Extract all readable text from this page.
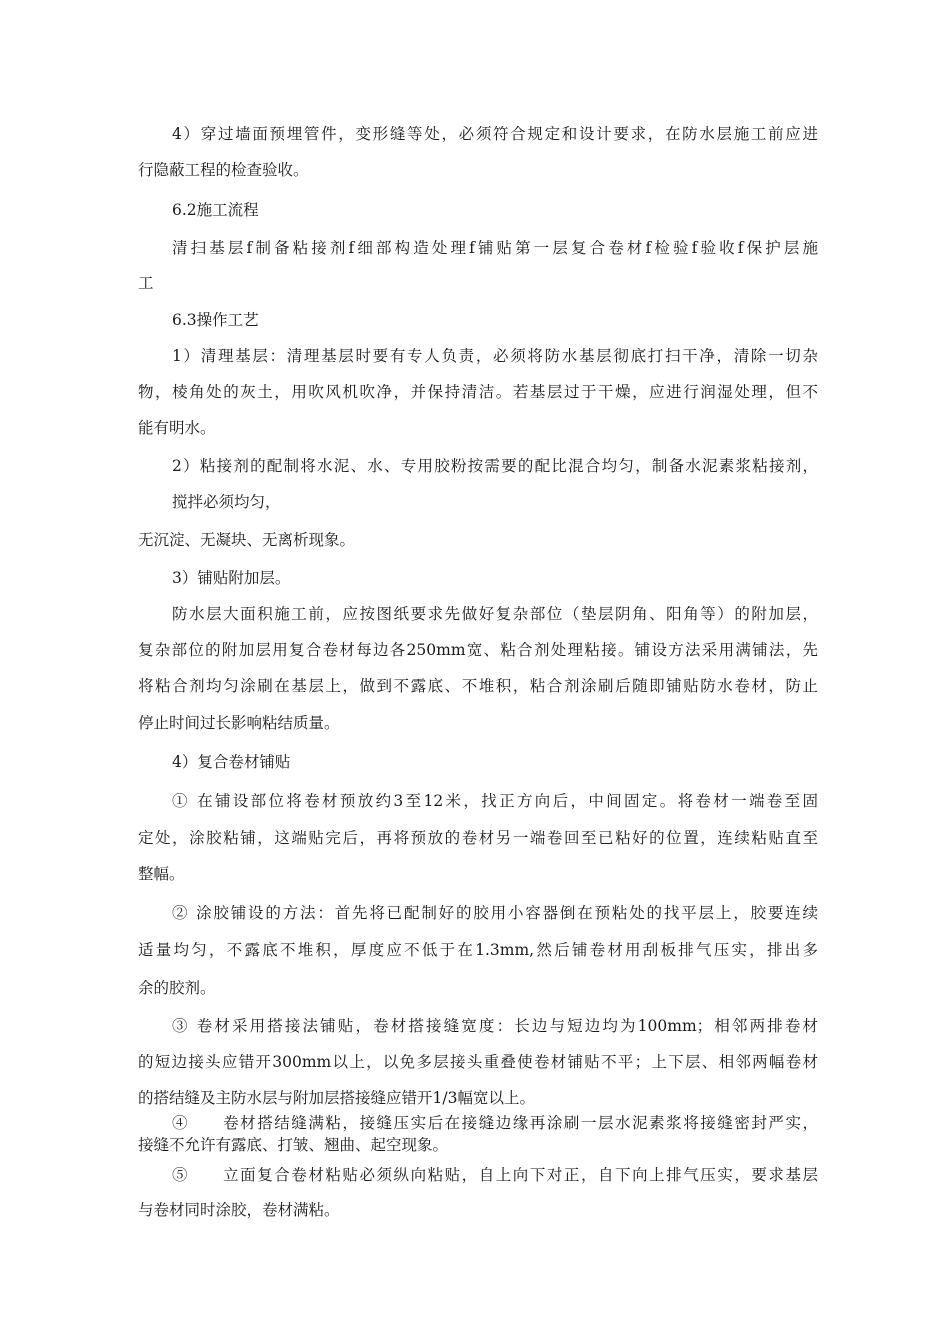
4）穿过墙面预埋管件，变形缝等处，必须符合规定和设计要求，在防水层施工前应进
行隐蔽工程的检查验收。
6.2施工流程
清扫基层f制备粘接剂f细部构造处理f铺贴第一层复合卷材f检验f验收f保护层施
工
6.3操作工艺
1）清理基层：清理基层时要有专人负责，必须将防水基层彻底打扫干净，清除一切杂
物，棱角处的灰土，用吹风机吹净，并保持清洁。若基层过于干燥，应进行润湿处理，但不
能有明水。
2）粘接剂的配制将水泥、水、专用胶粉按需要的配比混合均匀，制备水泥素浆粘接剂，
搅拌必须均匀，
无沉淀、无凝块、无离析现象。
3）铺贴附加层。
防水层大面积施工前，应按图纸要求先做好复杂部位（垫层阴角、阳角等）的附加层，
复杂部位的附加层用复合卷材每边各250mm宽、粘合剂处理粘接。铺设方法采用满铺法，先
将粘合剂均匀涂刷在基层上，做到不露底、不堆积，粘合剂涂刷后随即铺贴防水卷材，防止
停止时间过长影响粘结质量。
4）复合卷材铺贴
① 在铺设部位将卷材预放约3至12米，找正方向后，中间固定。将卷材一端卷至固
定处，涂胶粘铺，这端贴完后，再将预放的卷材另一端卷回至已粘好的位置，连续粘贴直至
整幅。
② 涂胶铺设的方法：首先将已配制好的胶用小容器倒在预粘处的找平层上，胶要连续
适量均匀，不露底不堆积，厚度应不低于在1.3mm,然后铺卷材用刮板排气压实，排出多
余的胶剂。
③ 卷材采用搭接法铺贴，卷材搭接缝宽度：长边与短边均为100mm；相邻两排卷材
的短边接头应错开300mm以上，以免多层接头重叠使卷材铺贴不平；上下层、相邻两幅卷材
的搭结缝及主防水层与附加层搭接缝应错开1/3幅宽以上。
④　　卷材搭结缝满粘，接缝压实后在接缝边缘再涂刷一层水泥素浆将接缝密封严实，
接缝不允许有露底、打皱、翘曲、起空现象。
⑤　　立面复合卷材粘贴必须纵向粘贴，自上向下对正，自下向上排气压实，要求基层
与卷材同时涂胶，卷材满粘。
